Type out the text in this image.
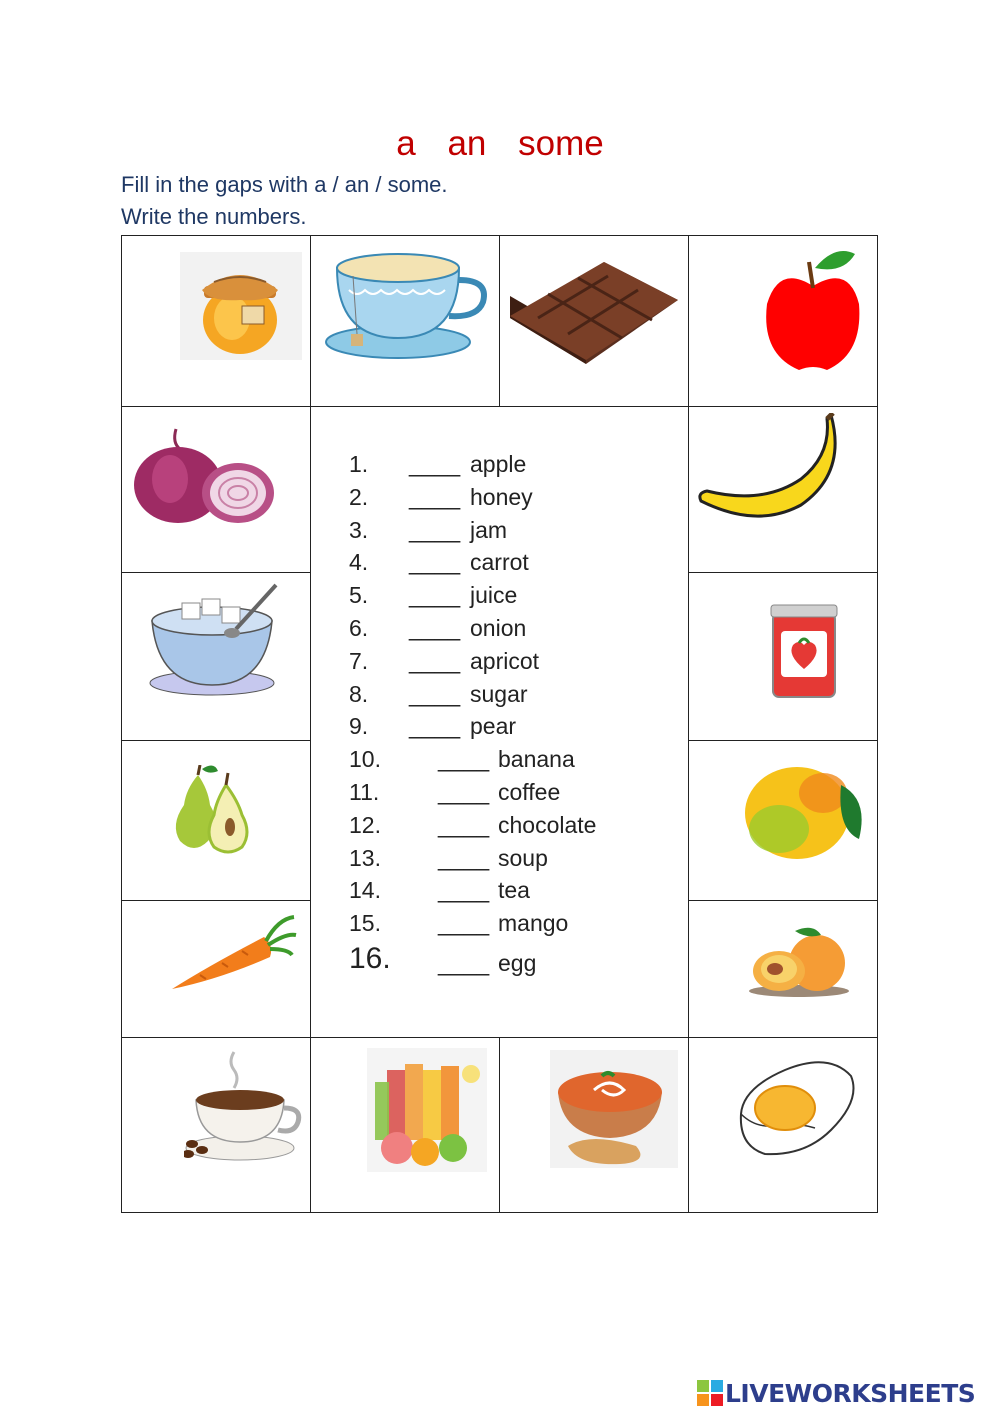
a an some

Fill in the gaps with a / an / some.

Write the numbers.

1. ____ apple
2. ____ honey
3. ____ jam
4. ____ carrot
5. ____ juice
6. ____ onion
7. ____ apricot
8. ____ sugar
9. ____ pear
10. ____ banana
11.	____ coffee
12. ____ chocolate
13. ____ soup
14. ____ tea
15. ____ mango
16. ____ egg
LIVEWORKSHEETS
